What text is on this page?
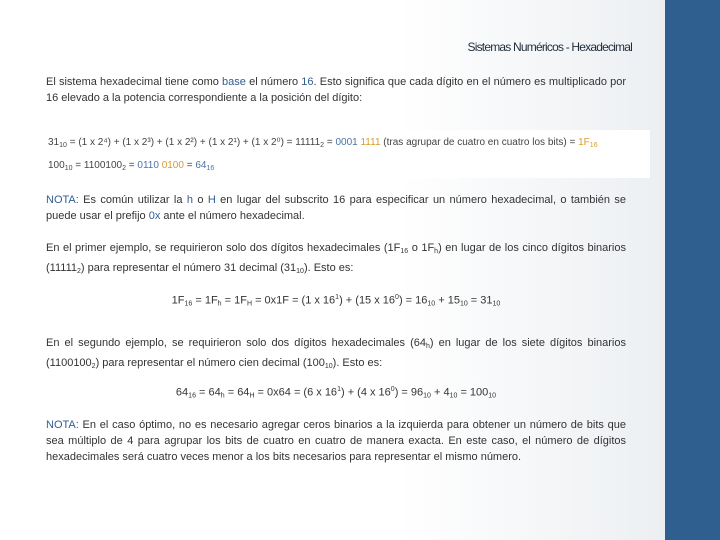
Sistemas Numéricos - Hexadecimal
El sistema hexadecimal tiene como base el número 16. Esto significa que cada dígito en el número es multiplicado por 16 elevado a la potencia correspondiente a la posición del dígito:
$31_{10} = (1$ x 2⁴) + (1 x 2³) + (1 x 2²) + (1 x 2¹) + (1 x $2^0) = 11111_2 = 0001$ 1111 (tras agrupar de cuatro en cuatro los bits) = $1F_{16}$
$100_{10} = 1100100_2 = 0110$ $0100 = 64_{16}$
NOTA: Es común utilizar la h o H en lugar del subscrito 16 para especificar un número hexadecimal, o también se puede usar el prefijo 0x ante el número hexadecimal.
En el primer ejemplo, se requirieron solo dos dígitos hexadecimales ($1F_{16}$ o $1F_h$) en lugar de los cinco dígitos binarios $(11111_2)$ para representar el número 31 decimal $(31_{10})$. Esto es:
$1F_{16} = 1F_h = 1F_H = 0x1F = (1$ x $16^1) + (15$ x $16^0) = 16_{10} + 15_{10} = 31_{10}$
En el segundo ejemplo, se requirieron solo dos dígitos hexadecimales $(64_h)$ en lugar de los siete dígitos binarios $(1100100_2)$ para representar el número cien decimal $(100_{10})$. Esto es:
$64_{16} = 64_h = 64_H = 0x64 = (6$ x $16^1) + (4$ x $16^0) = 96_{10} + 4_{10} = 100_{10}$
NOTA: En el caso óptimo, no es necesario agregar ceros binarios a la izquierda para obtener un número de bits que sea múltiplo de 4 para agrupar los bits de cuatro en cuatro de manera exacta. En este caso, el número de dígitos hexadecimales será cuatro veces menor a los bits necesarios para representar el mismo número.
